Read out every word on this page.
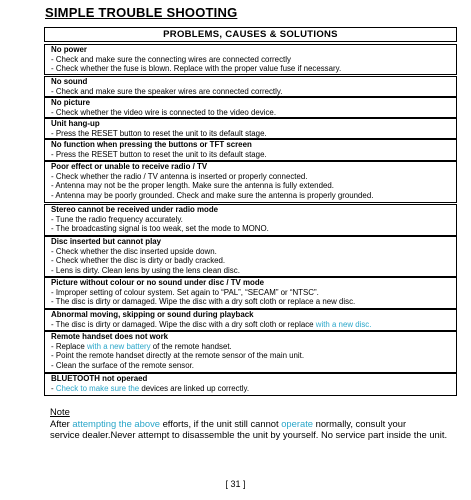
SIMPLE TROUBLE SHOOTING
PROBLEMS, CAUSES & SOLUTIONS
No power
- Check and make sure the connecting wires are connected correctly
- Check whether the fuse is blown. Replace with the proper value fuse if necessary.
No sound
- Check and make sure the speaker wires are connected correctly.
No picture
- Check whether the video wire is connected to the video device.
Unit hang-up
- Press the RESET button to reset the unit to its default stage.
No function when pressing the buttons or TFT screen
- Press the RESET button to reset the unit to its default stage.
Poor effect or unable to receive radio / TV
- Check whether the radio / TV antenna is inserted or properly connected.
- Antenna may not be the proper length. Make sure the antenna is fully extended.
- Antenna may be poorly grounded. Check and make sure the antenna is properly grounded.
Stereo cannot be received under radio mode
- Tune the radio frequency accurately.
- The broadcasting signal is too weak, set the mode to MONO.
Disc inserted but cannot play
- Check whether the disc inserted upside down.
- Check whether the disc is dirty or badly cracked.
- Lens is dirty. Clean lens by using the lens clean disc.
Picture without colour or no sound under disc / TV mode
- Improper setting of colour system. Set again to “PAL”, “SECAM” or “NTSC”.
- The disc is dirty or damaged. Wipe the disc with a dry soft cloth or replace a new disc.
Abnormal moving, skipping or sound during playback
- The disc is dirty or damaged. Wipe the disc with a dry soft cloth or replace with a new disc.
Remote handset does not work
- Replace with a new battery of the remote handset.
- Point the remote handset directly at the remote sensor of the main unit.
- Clean the surface of the remote sensor.
BLUETOOTH not operaed
- Check to make sure the devices are linked up correctly.
Note
After attempting the above efforts, if the unit still cannot operate normally, consult your
service dealer.Never attempt to disassemble the unit by yourself. No service part inside the unit.
[ 31 ]
